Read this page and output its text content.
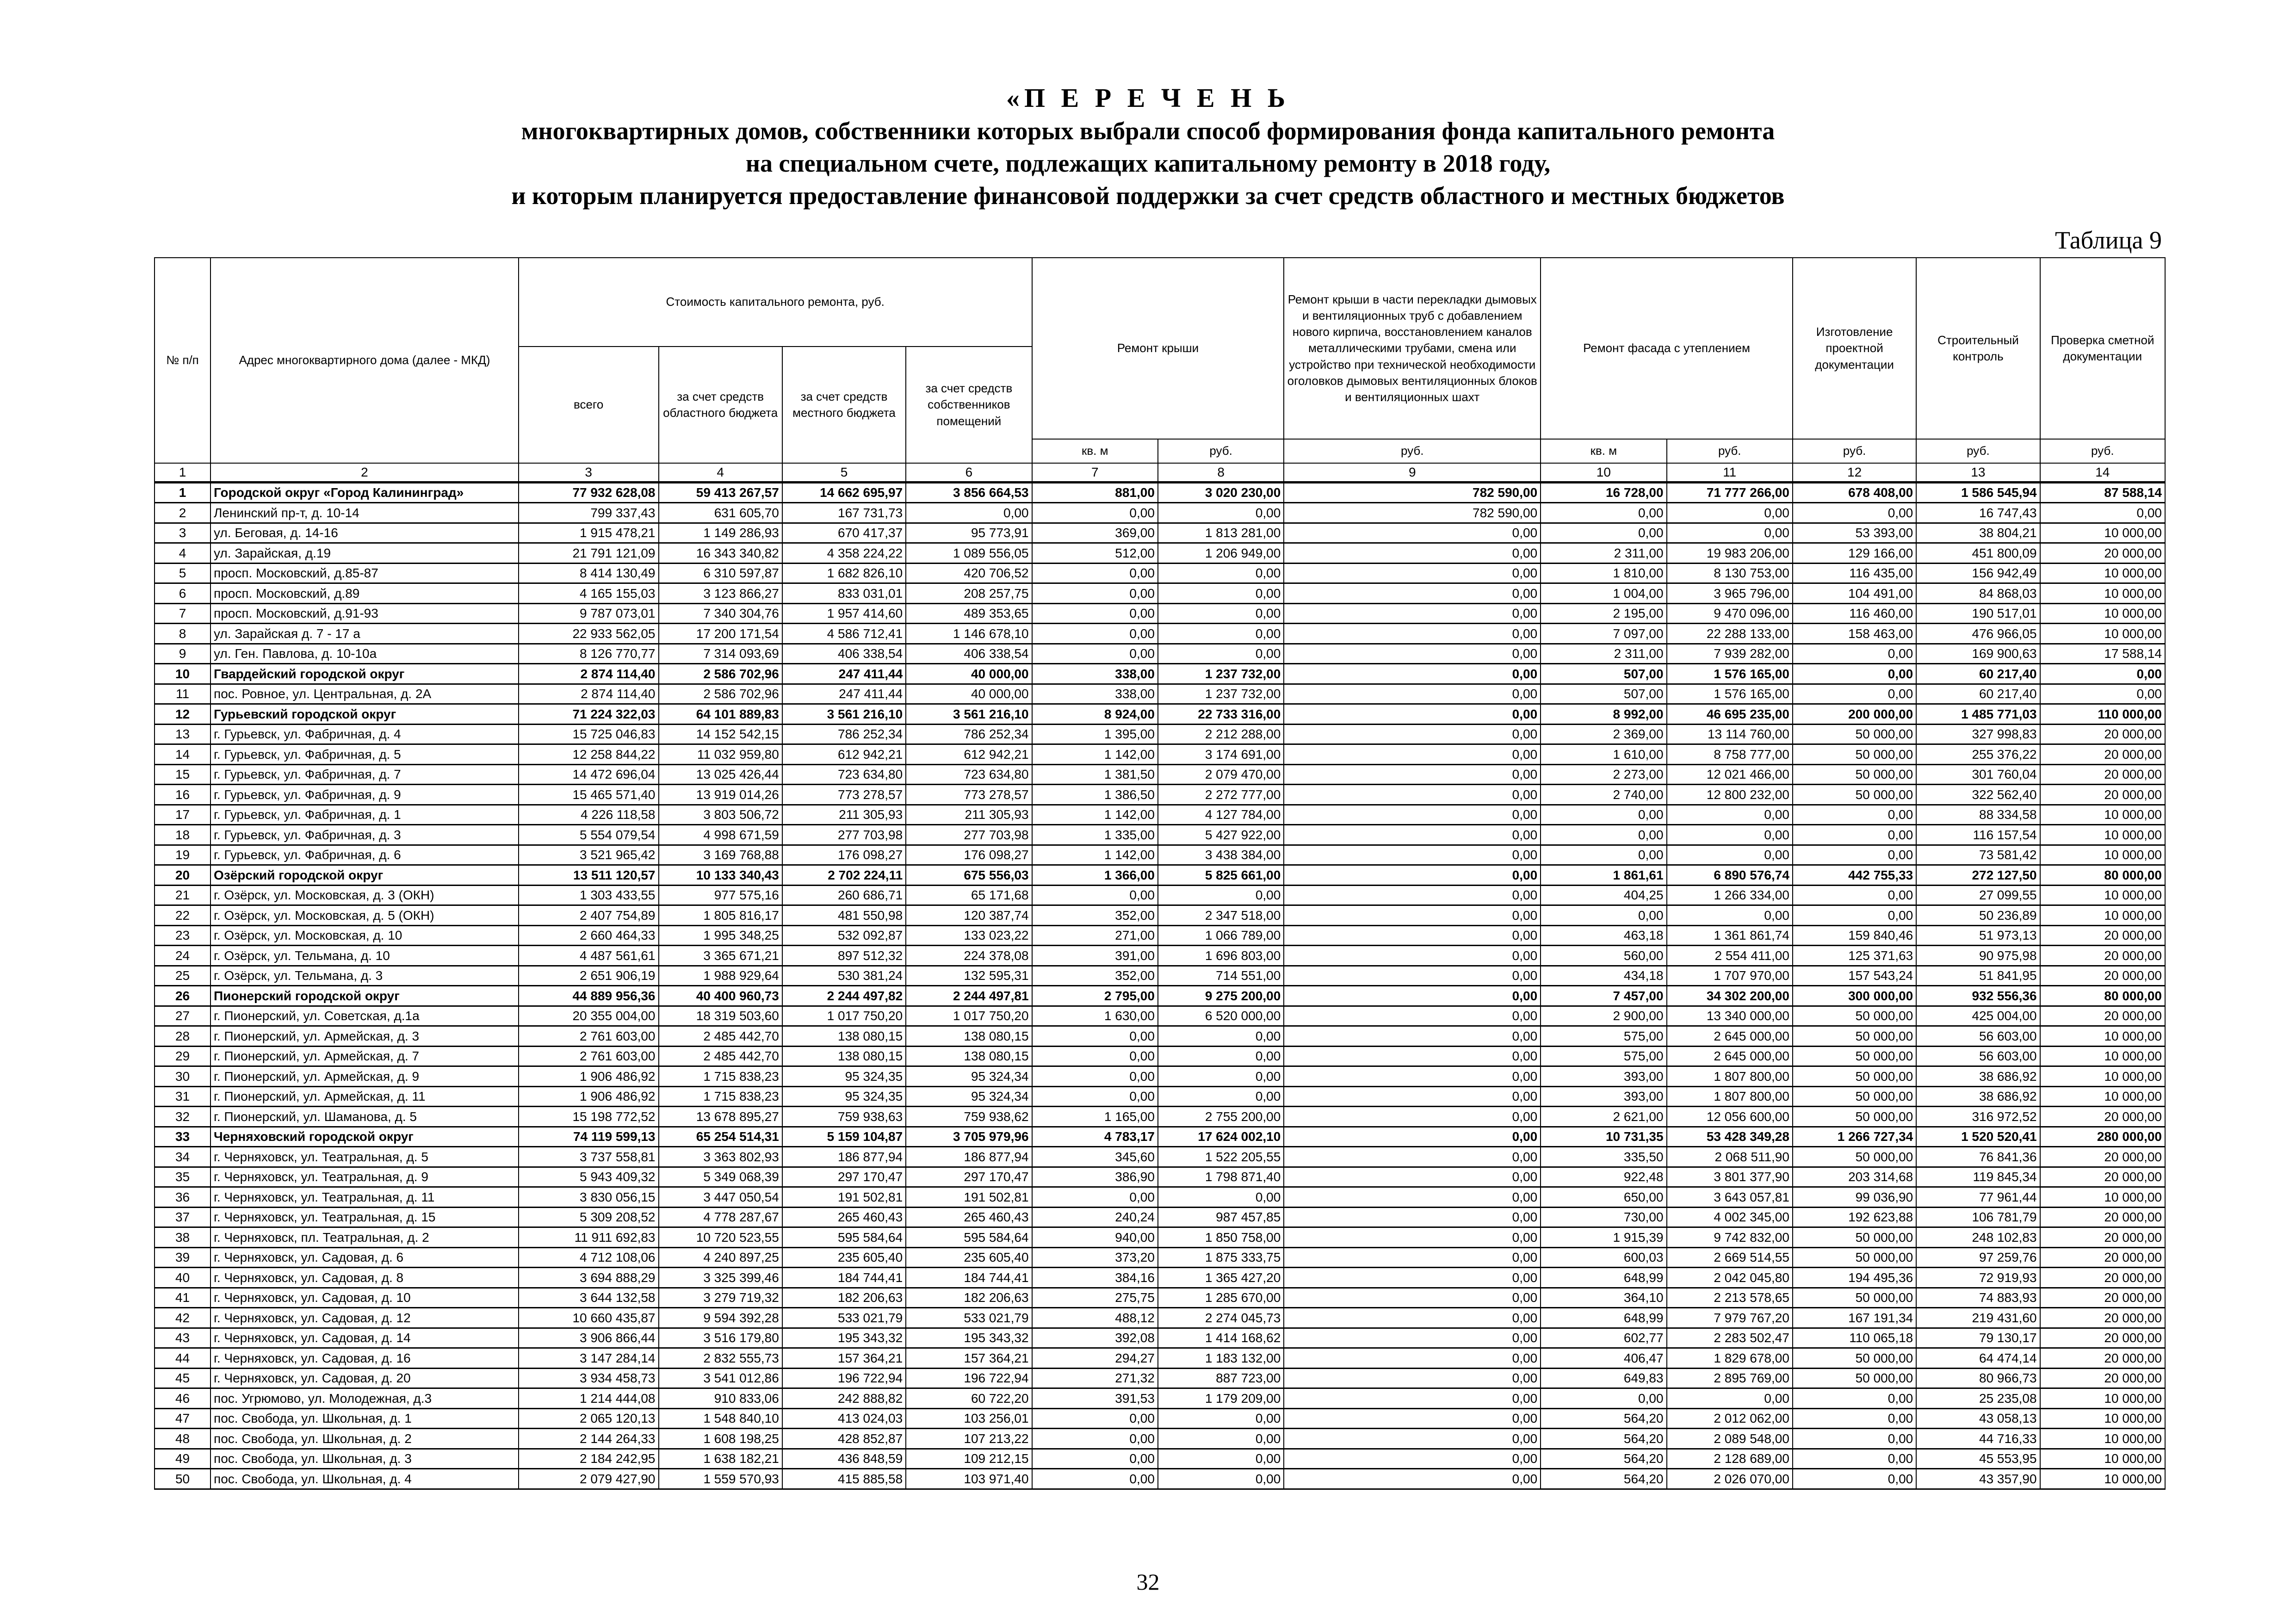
«П Е Р Е Ч Е Н Ь
многоквартирных домов, собственники которых выбрали способ формирования фонда капитального ремонта
на специальном счете, подлежащих капитальному ремонту в 2018 году,
и которым планируется предоставление финансовой поддержки за счет средств областного и местных бюджетов
Таблица 9
№ п/п	Адрес многоквартирного дома (далее - МКД)	Стоимость капитального ремонта, руб.				Ремонт крыши		Ремонт крыши в части перекладки дымовых и вентиляционных труб с добавлением нового кирпича, восстановлением каналов металлическими трубами, смена или устройство при технической необходимости оголовков дымовых вентиляционных блоков и вентиляционных шахт	Ремонт фасада с утеплением		Изготовление проектной документации	Строительный контроль	Проверка сметной документации
		всего	за счет средств областного бюджета	за счет средств местного бюджета	за счет средств собственников помещений								
						кв. м	руб.	руб.	кв. м	руб.	руб.	руб.	руб.
1	2	3	4	5	6	7	8	9	10	11	12	13	14
1	Городской округ «Город Калининград»	77 932 628,08	59 413 267,57	14 662 695,97	3 856 664,53	881,00	3 020 230,00	782 590,00	16 728,00	71 777 266,00	678 408,00	1 586 545,94	87 588,14
2	Ленинский пр-т, д. 10-14	799 337,43	631 605,70	167 731,73	0,00	0,00	0,00	782 590,00	0,00	0,00	0,00	16 747,43	0,00
3	ул. Беговая, д. 14-16	1 915 478,21	1 149 286,93	670 417,37	95 773,91	369,00	1 813 281,00	0,00	0,00	0,00	53 393,00	38 804,21	10 000,00
4	ул. Зарайская, д.19	21 791 121,09	16 343 340,82	4 358 224,22	1 089 556,05	512,00	1 206 949,00	0,00	2 311,00	19 983 206,00	129 166,00	451 800,09	20 000,00
5	просп. Московский, д.85-87	8 414 130,49	6 310 597,87	1 682 826,10	420 706,52	0,00	0,00	0,00	1 810,00	8 130 753,00	116 435,00	156 942,49	10 000,00
6	просп. Московский, д.89	4 165 155,03	3 123 866,27	833 031,01	208 257,75	0,00	0,00	0,00	1 004,00	3 965 796,00	104 491,00	84 868,03	10 000,00
7	просп. Московский, д.91-93	9 787 073,01	7 340 304,76	1 957 414,60	489 353,65	0,00	0,00	0,00	2 195,00	9 470 096,00	116 460,00	190 517,01	10 000,00
8	ул. Зарайская д. 7 - 17 а	22 933 562,05	17 200 171,54	4 586 712,41	1 146 678,10	0,00	0,00	0,00	7 097,00	22 288 133,00	158 463,00	476 966,05	10 000,00
9	ул. Ген. Павлова, д. 10-10а	8 126 770,77	7 314 093,69	406 338,54	406 338,54	0,00	0,00	0,00	2 311,00	7 939 282,00	0,00	169 900,63	17 588,14
10	Гвардейский городской округ	2 874 114,40	2 586 702,96	247 411,44	40 000,00	338,00	1 237 732,00	0,00	507,00	1 576 165,00	0,00	60 217,40	0,00
11	пос. Ровное, ул. Центральная, д. 2А	2 874 114,40	2 586 702,96	247 411,44	40 000,00	338,00	1 237 732,00	0,00	507,00	1 576 165,00	0,00	60 217,40	0,00
12	Гурьевский городской округ	71 224 322,03	64 101 889,83	3 561 216,10	3 561 216,10	8 924,00	22 733 316,00	0,00	8 992,00	46 695 235,00	200 000,00	1 485 771,03	110 000,00
13	г. Гурьевск, ул. Фабричная, д. 4	15 725 046,83	14 152 542,15	786 252,34	786 252,34	1 395,00	2 212 288,00	0,00	2 369,00	13 114 760,00	50 000,00	327 998,83	20 000,00
14	г. Гурьевск, ул. Фабричная, д. 5	12 258 844,22	11 032 959,80	612 942,21	612 942,21	1 142,00	3 174 691,00	0,00	1 610,00	8 758 777,00	50 000,00	255 376,22	20 000,00
15	г. Гурьевск, ул. Фабричная, д. 7	14 472 696,04	13 025 426,44	723 634,80	723 634,80	1 381,50	2 079 470,00	0,00	2 273,00	12 021 466,00	50 000,00	301 760,04	20 000,00
16	г. Гурьевск, ул. Фабричная, д. 9	15 465 571,40	13 919 014,26	773 278,57	773 278,57	1 386,50	2 272 777,00	0,00	2 740,00	12 800 232,00	50 000,00	322 562,40	20 000,00
17	г. Гурьевск, ул. Фабричная, д. 1	4 226 118,58	3 803 506,72	211 305,93	211 305,93	1 142,00	4 127 784,00	0,00	0,00	0,00	0,00	88 334,58	10 000,00
18	г. Гурьевск, ул. Фабричная, д. 3	5 554 079,54	4 998 671,59	277 703,98	277 703,98	1 335,00	5 427 922,00	0,00	0,00	0,00	0,00	116 157,54	10 000,00
19	г. Гурьевск, ул. Фабричная, д. 6	3 521 965,42	3 169 768,88	176 098,27	176 098,27	1 142,00	3 438 384,00	0,00	0,00	0,00	0,00	73 581,42	10 000,00
20	Озёрский городской округ	13 511 120,57	10 133 340,43	2 702 224,11	675 556,03	1 366,00	5 825 661,00	0,00	1 861,61	6 890 576,74	442 755,33	272 127,50	80 000,00
21	г. Озёрск, ул. Московская, д. 3 (ОКН)	1 303 433,55	977 575,16	260 686,71	65 171,68	0,00	0,00	0,00	404,25	1 266 334,00	0,00	27 099,55	10 000,00
22	г. Озёрск, ул. Московская, д. 5 (ОКН)	2 407 754,89	1 805 816,17	481 550,98	120 387,74	352,00	2 347 518,00	0,00	0,00	0,00	0,00	50 236,89	10 000,00
23	г. Озёрск, ул. Московская, д. 10	2 660 464,33	1 995 348,25	532 092,87	133 023,22	271,00	1 066 789,00	0,00	463,18	1 361 861,74	159 840,46	51 973,13	20 000,00
24	г. Озёрск, ул. Тельмана, д. 10	4 487 561,61	3 365 671,21	897 512,32	224 378,08	391,00	1 696 803,00	0,00	560,00	2 554 411,00	125 371,63	90 975,98	20 000,00
25	г. Озёрск, ул. Тельмана, д. 3	2 651 906,19	1 988 929,64	530 381,24	132 595,31	352,00	714 551,00	0,00	434,18	1 707 970,00	157 543,24	51 841,95	20 000,00
26	Пионерский городской округ	44 889 956,36	40 400 960,73	2 244 497,82	2 244 497,81	2 795,00	9 275 200,00	0,00	7 457,00	34 302 200,00	300 000,00	932 556,36	80 000,00
27	г. Пионерский, ул. Советская, д.1а	20 355 004,00	18 319 503,60	1 017 750,20	1 017 750,20	1 630,00	6 520 000,00	0,00	2 900,00	13 340 000,00	50 000,00	425 004,00	20 000,00
28	г. Пионерский, ул. Армейская, д. 3	2 761 603,00	2 485 442,70	138 080,15	138 080,15	0,00	0,00	0,00	575,00	2 645 000,00	50 000,00	56 603,00	10 000,00
29	г. Пионерский, ул. Армейская, д. 7	2 761 603,00	2 485 442,70	138 080,15	138 080,15	0,00	0,00	0,00	575,00	2 645 000,00	50 000,00	56 603,00	10 000,00
30	г. Пионерский, ул. Армейская, д. 9	1 906 486,92	1 715 838,23	95 324,35	95 324,34	0,00	0,00	0,00	393,00	1 807 800,00	50 000,00	38 686,92	10 000,00
31	г. Пионерский, ул. Армейская, д. 11	1 906 486,92	1 715 838,23	95 324,35	95 324,34	0,00	0,00	0,00	393,00	1 807 800,00	50 000,00	38 686,92	10 000,00
32	г. Пионерский, ул. Шаманова, д. 5	15 198 772,52	13 678 895,27	759 938,63	759 938,62	1 165,00	2 755 200,00	0,00	2 621,00	12 056 600,00	50 000,00	316 972,52	20 000,00
33	Черняховский городской округ	74 119 599,13	65 254 514,31	5 159 104,87	3 705 979,96	4 783,17	17 624 002,10	0,00	10 731,35	53 428 349,28	1 266 727,34	1 520 520,41	280 000,00
34	г. Черняховск, ул. Театральная, д. 5	3 737 558,81	3 363 802,93	186 877,94	186 877,94	345,60	1 522 205,55	0,00	335,50	2 068 511,90	50 000,00	76 841,36	20 000,00
35	г. Черняховск, ул. Театральная, д. 9	5 943 409,32	5 349 068,39	297 170,47	297 170,47	386,90	1 798 871,40	0,00	922,48	3 801 377,90	203 314,68	119 845,34	20 000,00
36	г. Черняховск, ул. Театральная, д. 11	3 830 056,15	3 447 050,54	191 502,81	191 502,81	0,00	0,00	0,00	650,00	3 643 057,81	99 036,90	77 961,44	10 000,00
37	г. Черняховск, ул. Театральная, д. 15	5 309 208,52	4 778 287,67	265 460,43	265 460,43	240,24	987 457,85	0,00	730,00	4 002 345,00	192 623,88	106 781,79	20 000,00
38	г. Черняховск, пл. Театральная, д. 2	11 911 692,83	10 720 523,55	595 584,64	595 584,64	940,00	1 850 758,00	0,00	1 915,39	9 742 832,00	50 000,00	248 102,83	20 000,00
39	г. Черняховск, ул. Садовая, д. 6	4 712 108,06	4 240 897,25	235 605,40	235 605,40	373,20	1 875 333,75	0,00	600,03	2 669 514,55	50 000,00	97 259,76	20 000,00
40	г. Черняховск, ул. Садовая, д. 8	3 694 888,29	3 325 399,46	184 744,41	184 744,41	384,16	1 365 427,20	0,00	648,99	2 042 045,80	194 495,36	72 919,93	20 000,00
41	г. Черняховск, ул. Садовая, д. 10	3 644 132,58	3 279 719,32	182 206,63	182 206,63	275,75	1 285 670,00	0,00	364,10	2 213 578,65	50 000,00	74 883,93	20 000,00
42	г. Черняховск, ул. Садовая, д. 12	10 660 435,87	9 594 392,28	533 021,79	533 021,79	488,12	2 274 045,73	0,00	648,99	7 979 767,20	167 191,34	219 431,60	20 000,00
43	г. Черняховск, ул. Садовая, д. 14	3 906 866,44	3 516 179,80	195 343,32	195 343,32	392,08	1 414 168,62	0,00	602,77	2 283 502,47	110 065,18	79 130,17	20 000,00
44	г. Черняховск, ул. Садовая, д. 16	3 147 284,14	2 832 555,73	157 364,21	157 364,21	294,27	1 183 132,00	0,00	406,47	1 829 678,00	50 000,00	64 474,14	20 000,00
45	г. Черняховск, ул. Садовая, д. 20	3 934 458,73	3 541 012,86	196 722,94	196 722,94	271,32	887 723,00	0,00	649,83	2 895 769,00	50 000,00	80 966,73	20 000,00
46	пос. Угрюмово, ул. Молодежная, д.3	1 214 444,08	910 833,06	242 888,82	60 722,20	391,53	1 179 209,00	0,00	0,00	0,00	0,00	25 235,08	10 000,00
47	пос. Свобода, ул. Школьная, д. 1	2 065 120,13	1 548 840,10	413 024,03	103 256,01	0,00	0,00	0,00	564,20	2 012 062,00	0,00	43 058,13	10 000,00
48	пос. Свобода, ул. Школьная, д. 2	2 144 264,33	1 608 198,25	428 852,87	107 213,22	0,00	0,00	0,00	564,20	2 089 548,00	0,00	44 716,33	10 000,00
49	пос. Свобода, ул. Школьная, д. 3	2 184 242,95	1 638 182,21	436 848,59	109 212,15	0,00	0,00	0,00	564,20	2 128 689,00	0,00	45 553,95	10 000,00
50	пос. Свобода, ул. Школьная, д. 4	2 079 427,90	1 559 570,93	415 885,58	103 971,40	0,00	0,00	0,00	564,20	2 026 070,00	0,00	43 357,90	10 000,00
32
